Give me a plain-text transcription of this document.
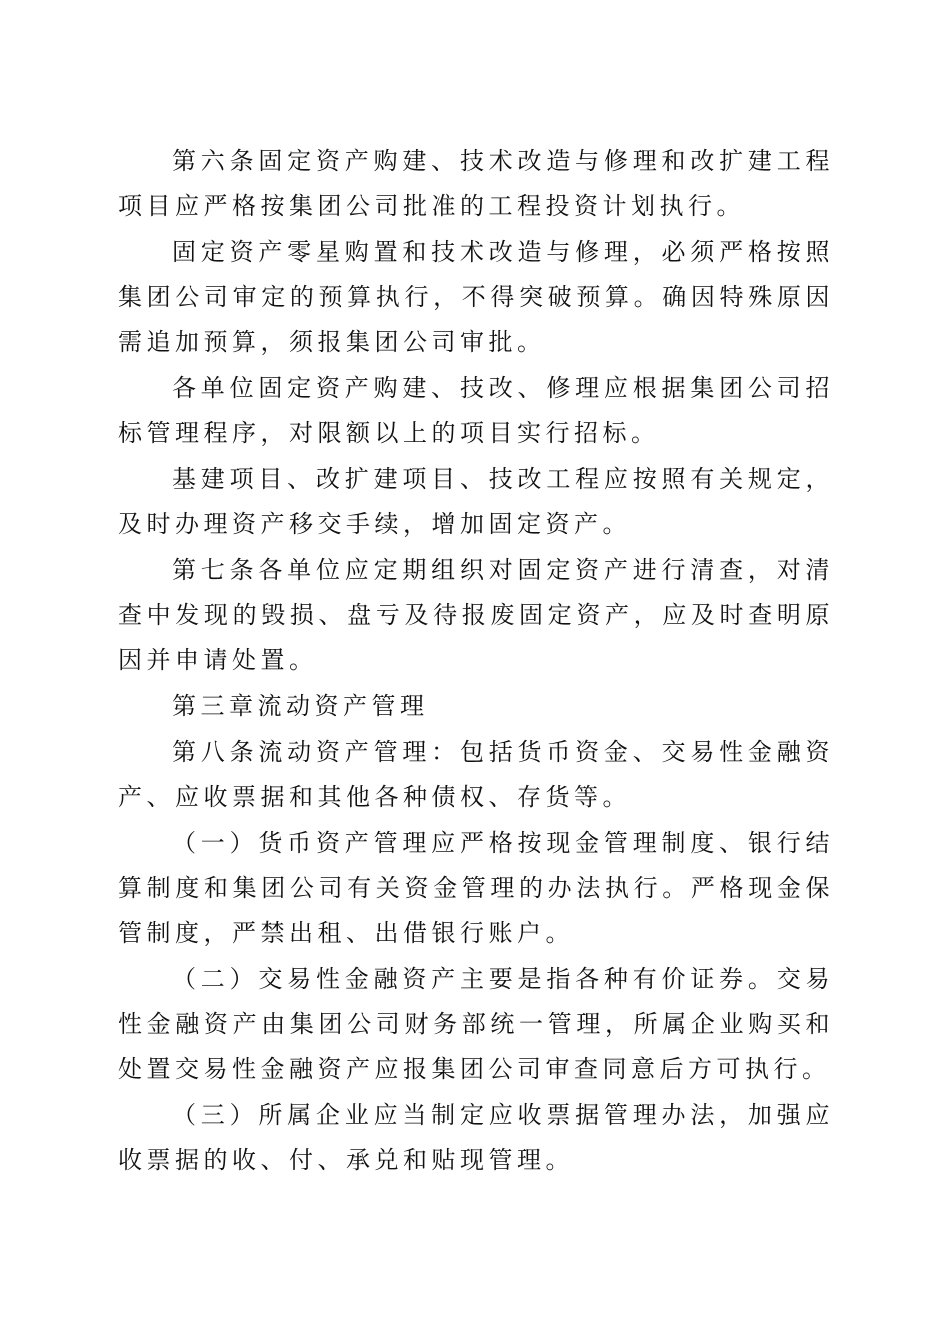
第六条固定资产购建、技术改造与修理和改扩建工程项目应严格按集团公司批准的工程投资计划执行。

固定资产零星购置和技术改造与修理，必须严格按照集团公司审定的预算执行，不得突破预算。确因特殊原因需追加预算，须报集团公司审批。

各单位固定资产购建、技改、修理应根据集团公司招标管理程序，对限额以上的项目实行招标。

基建项目、改扩建项目、技改工程应按照有关规定，及时办理资产移交手续，增加固定资产。

第七条各单位应定期组织对固定资产进行清查，对清查中发现的毁损、盘亏及待报废固定资产，应及时查明原因并申请处置。

第三章流动资产管理

第八条流动资产管理：包括货币资金、交易性金融资产、应收票据和其他各种债权、存货等。

（一）货币资产管理应严格按现金管理制度、银行结算制度和集团公司有关资金管理的办法执行。严格现金保管制度，严禁出租、出借银行账户。

（二）交易性金融资产主要是指各种有价证券。交易性金融资产由集团公司财务部统一管理，所属企业购买和处置交易性金融资产应报集团公司审查同意后方可执行。

（三）所属企业应当制定应收票据管理办法，加强应收票据的收、付、承兑和贴现管理。
